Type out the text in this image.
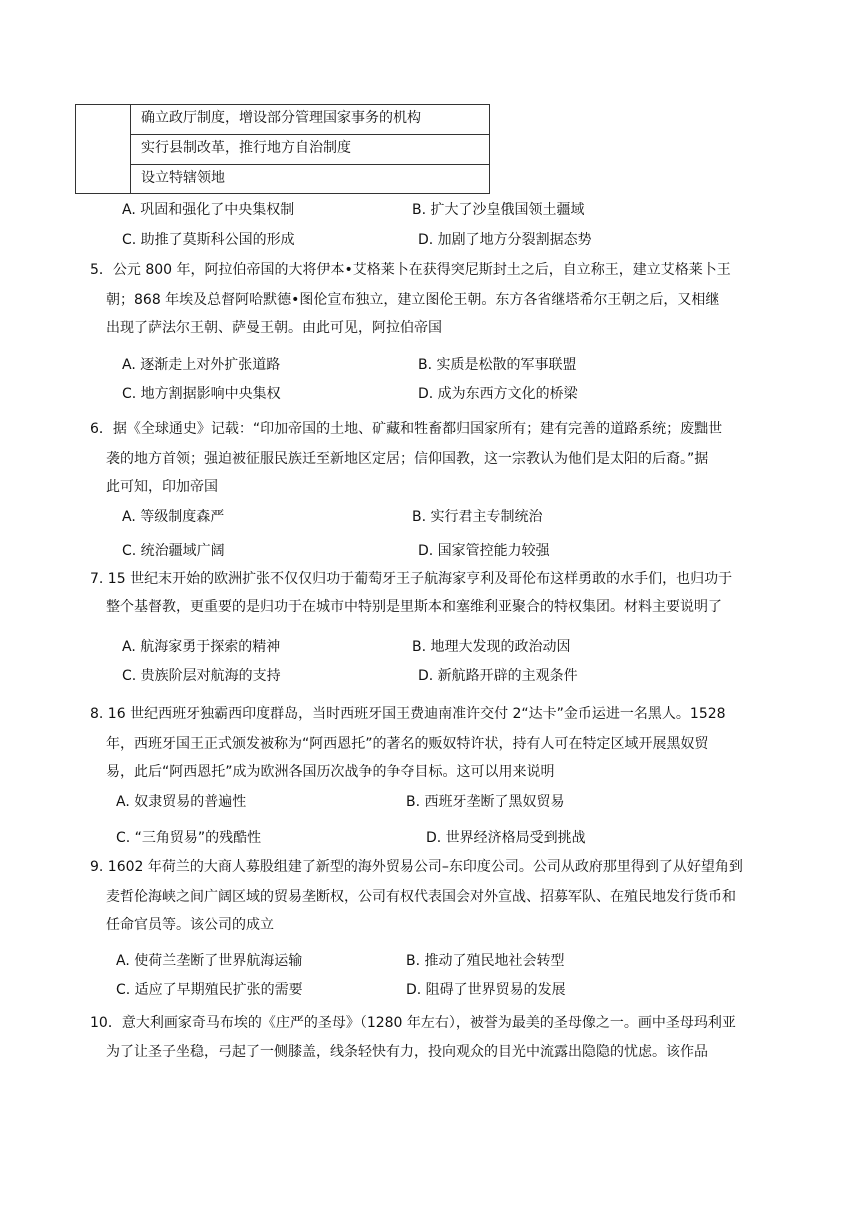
确立政厅制度，增设部分管理国家事务的机构
实行县制改革，推行地方自治制度
设立特辖领地
A. 巩固和强化了中央集权制	B. 扩大了沙皇俄国领土疆域
C. 助推了莫斯科公国的形成	D. 加剧了地方分裂割据态势
5．公元 800 年，阿拉伯帝国的大将伊本•艾格莱卜在获得突尼斯封土之后，自立称王，建立艾格莱卜王
朝；868 年埃及总督阿哈默德•图伦宣布独立，建立图伦王朝。东方各省继塔希尔王朝之后，又相继
出现了萨法尔王朝、萨曼王朝。由此可见，阿拉伯帝国
A. 逐渐走上对外扩张道路	B. 实质是松散的军事联盟
C. 地方割据影响中央集权	D. 成为东西方文化的桥梁
6．据《全球通史》记载：“印加帝国的土地、矿藏和牲畜都归国家所有；建有完善的道路系统；废黜世
袭的地方首领；强迫被征服民族迁至新地区定居；信仰国教，这一宗教认为他们是太阳的后裔。”据
此可知，印加帝国
A. 等级制度森严	B. 实行君主专制统治
C. 统治疆域广阔	D. 国家管控能力较强
7. 15 世纪末开始的欧洲扩张不仅仅归功于葡萄牙王子航海家亨利及哥伦布这样勇敢的水手们，也归功于
整个基督教，更重要的是归功于在城市中特别是里斯本和塞维利亚聚合的特权集团。材料主要说明了
A. 航海家勇于探索的精神	B. 地理大发现的政治动因
C. 贵族阶层对航海的支持	D. 新航路开辟的主观条件
8. 16 世纪西班牙独霸西印度群岛，当时西班牙国王费迪南准许交付 2“达卡”金币运进一名黑人。1528
年，西班牙国王正式颁发被称为“阿西恩托”的著名的贩奴特许状，持有人可在特定区域开展黑奴贸
易，此后“阿西恩托”成为欧洲各国历次战争的争夺目标。这可以用来说明
A. 奴隶贸易的普遍性	B. 西班牙垄断了黑奴贸易
C. “三角贸易”的残酷性	D. 世界经济格局受到挑战
9. 1602 年荷兰的大商人募股组建了新型的海外贸易公司–东印度公司。公司从政府那里得到了从好望角到
麦哲伦海峡之间广阔区域的贸易垄断权，公司有权代表国会对外宣战、招募军队、在殖民地发行货币和
任命官员等。该公司的成立
A. 使荷兰垄断了世界航海运输	B. 推动了殖民地社会转型
C. 适应了早期殖民扩张的需要	D. 阻碍了世界贸易的发展
10．意大利画家奇马布埃的《庄严的圣母》（1280 年左右），被誉为最美的圣母像之一。画中圣母玛利亚
为了让圣子坐稳，弓起了一侧膝盖，线条轻快有力，投向观众的目光中流露出隐隐的忧虑。该作品
